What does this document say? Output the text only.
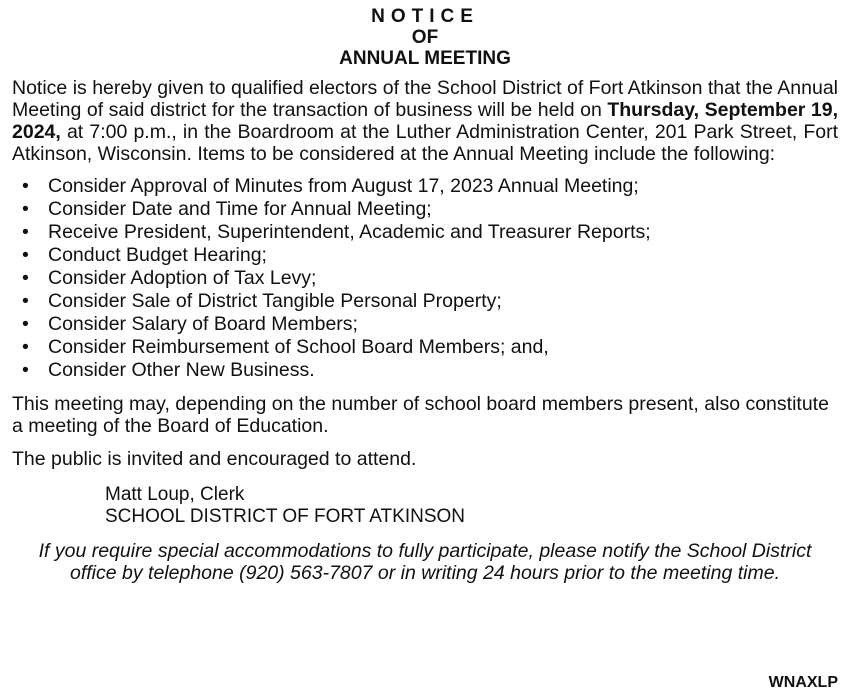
NOTICE
OF
ANNUAL MEETING

Notice is hereby given to qualified electors of the School District of Fort Atkinson that the Annual Meeting of said district for the transaction of business will be held on Thursday, September 19, 2024, at 7:00 p.m., in the Boardroom at the Luther Administration Center, 201 Park Street, Fort Atkinson, Wisconsin. Items to be considered at the Annual Meeting include the following:

• Consider Approval of Minutes from August 17, 2023 Annual Meeting;
• Consider Date and Time for Annual Meeting;
• Receive President, Superintendent, Academic and Treasurer Reports;
• Conduct Budget Hearing;
• Consider Adoption of Tax Levy;
• Consider Sale of District Tangible Personal Property;
• Consider Salary of Board Members;
• Consider Reimbursement of School Board Members; and,
• Consider Other New Business.

This meeting may, depending on the number of school board members present, also constitute a meeting of the Board of Education.

The public is invited and encouraged to attend.

Matt Loup, Clerk
SCHOOL DISTRICT OF FORT ATKINSON

If you require special accommodations to fully participate, please notify the School District office by telephone (920) 563-7807 or in writing 24 hours prior to the meeting time.

WNAXLP
